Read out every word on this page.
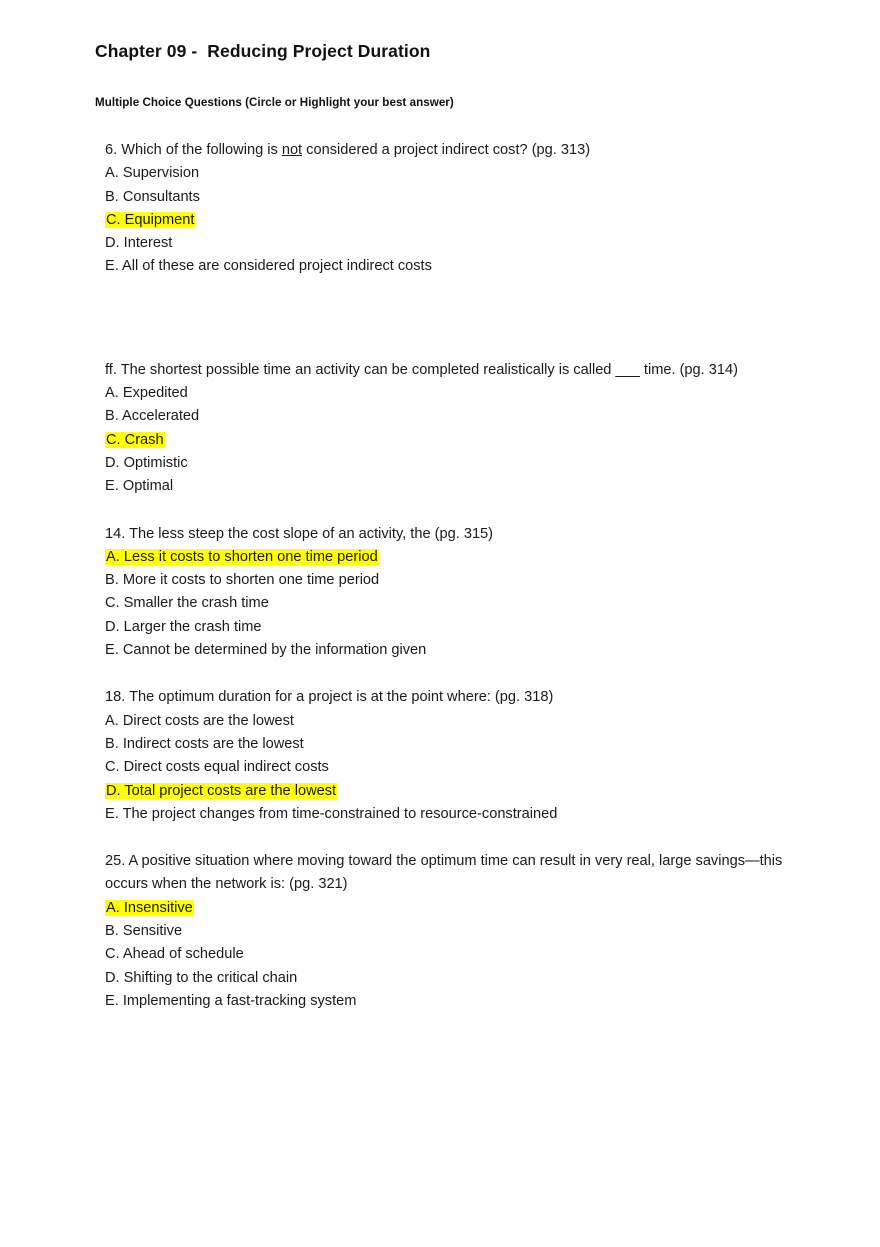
Chapter 09 -  Reducing Project Duration
Multiple Choice Questions (Circle or Highlight your best answer)
6. Which of the following is not considered a project indirect cost? (pg. 313)
A. Supervision
B. Consultants
C. Equipment
D. Interest
E. All of these are considered project indirect costs
ff. The shortest possible time an activity can be completed realistically is called ___ time. (pg. 314)
A. Expedited
B. Accelerated
C. Crash
D. Optimistic
E. Optimal
14. The less steep the cost slope of an activity, the (pg. 315)
A. Less it costs to shorten one time period
B. More it costs to shorten one time period
C. Smaller the crash time
D. Larger the crash time
E. Cannot be determined by the information given
18. The optimum duration for a project is at the point where: (pg. 318)
A. Direct costs are the lowest
B. Indirect costs are the lowest
C. Direct costs equal indirect costs
D. Total project costs are the lowest
E. The project changes from time-constrained to resource-constrained
25. A positive situation where moving toward the optimum time can result in very real, large savings—this occurs when the network is: (pg. 321)
A. Insensitive
B. Sensitive
C. Ahead of schedule
D. Shifting to the critical chain
E. Implementing a fast-tracking system
